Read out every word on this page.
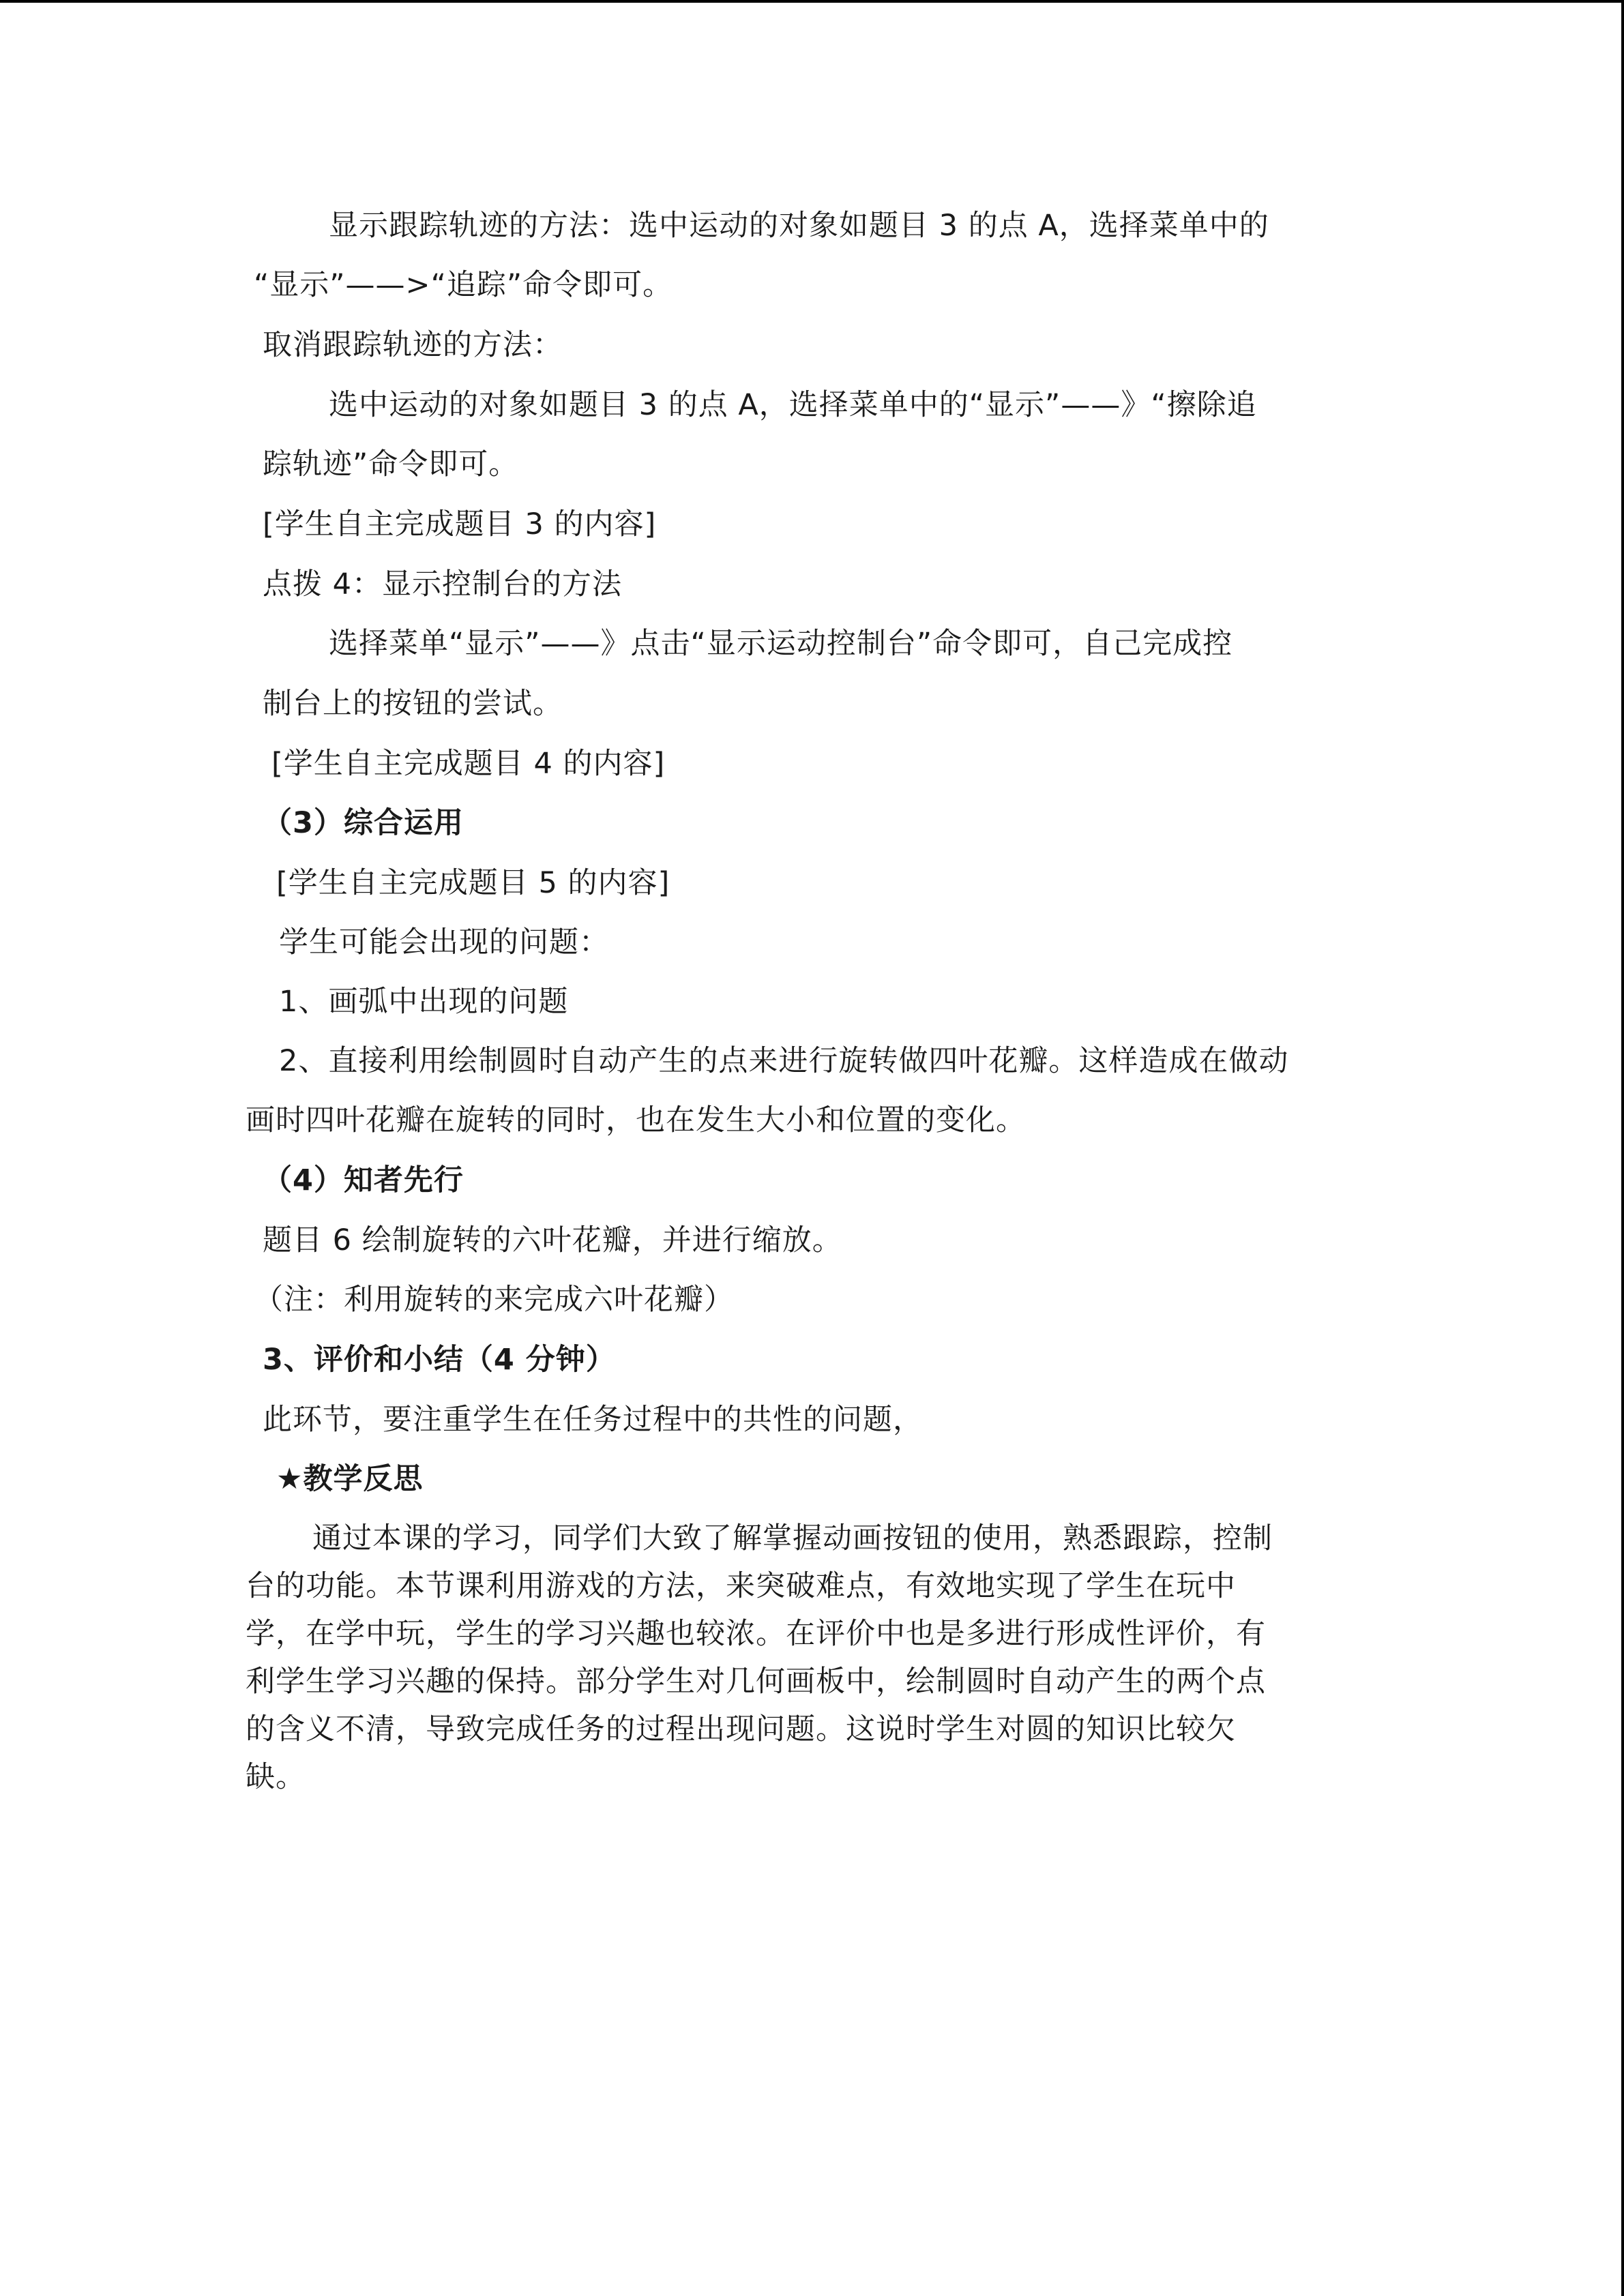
显示跟踪轨迹的方法：选中运动的对象如题目 3 的点 A，选择菜单中的
“显示”——>“追踪”命令即可。
取消跟踪轨迹的方法：
选中运动的对象如题目 3 的点 A，选择菜单中的“显示”——》“擦除追
踪轨迹”命令即可。
[学生自主完成题目 3 的内容]
点拨 4：显示控制台的方法
选择菜单“显示”——》点击“显示运动控制台”命令即可，自己完成控
制台上的按钮的尝试。
[学生自主完成题目 4 的内容]
（3）综合运用
[学生自主完成题目 5 的内容]
学生可能会出现的问题：
1、画弧中出现的问题
2、直接利用绘制圆时自动产生的点来进行旋转做四叶花瓣。这样造成在做动
画时四叶花瓣在旋转的同时，也在发生大小和位置的变化。
（4）知者先行
题目 6 绘制旋转的六叶花瓣，并进行缩放。
（注：利用旋转的来完成六叶花瓣）
3、评价和小结（4 分钟）
此环节，要注重学生在任务过程中的共性的问题，
★教学反思
通过本课的学习，同学们大致了解掌握动画按钮的使用，熟悉跟踪，控制
台的功能。本节课利用游戏的方法，来突破难点，有效地实现了学生在玩中
学，在学中玩，学生的学习兴趣也较浓。在评价中也是多进行形成性评价，有
利学生学习兴趣的保持。部分学生对几何画板中，绘制圆时自动产生的两个点
的含义不清，导致完成任务的过程出现问题。这说时学生对圆的知识比较欠
缺。
